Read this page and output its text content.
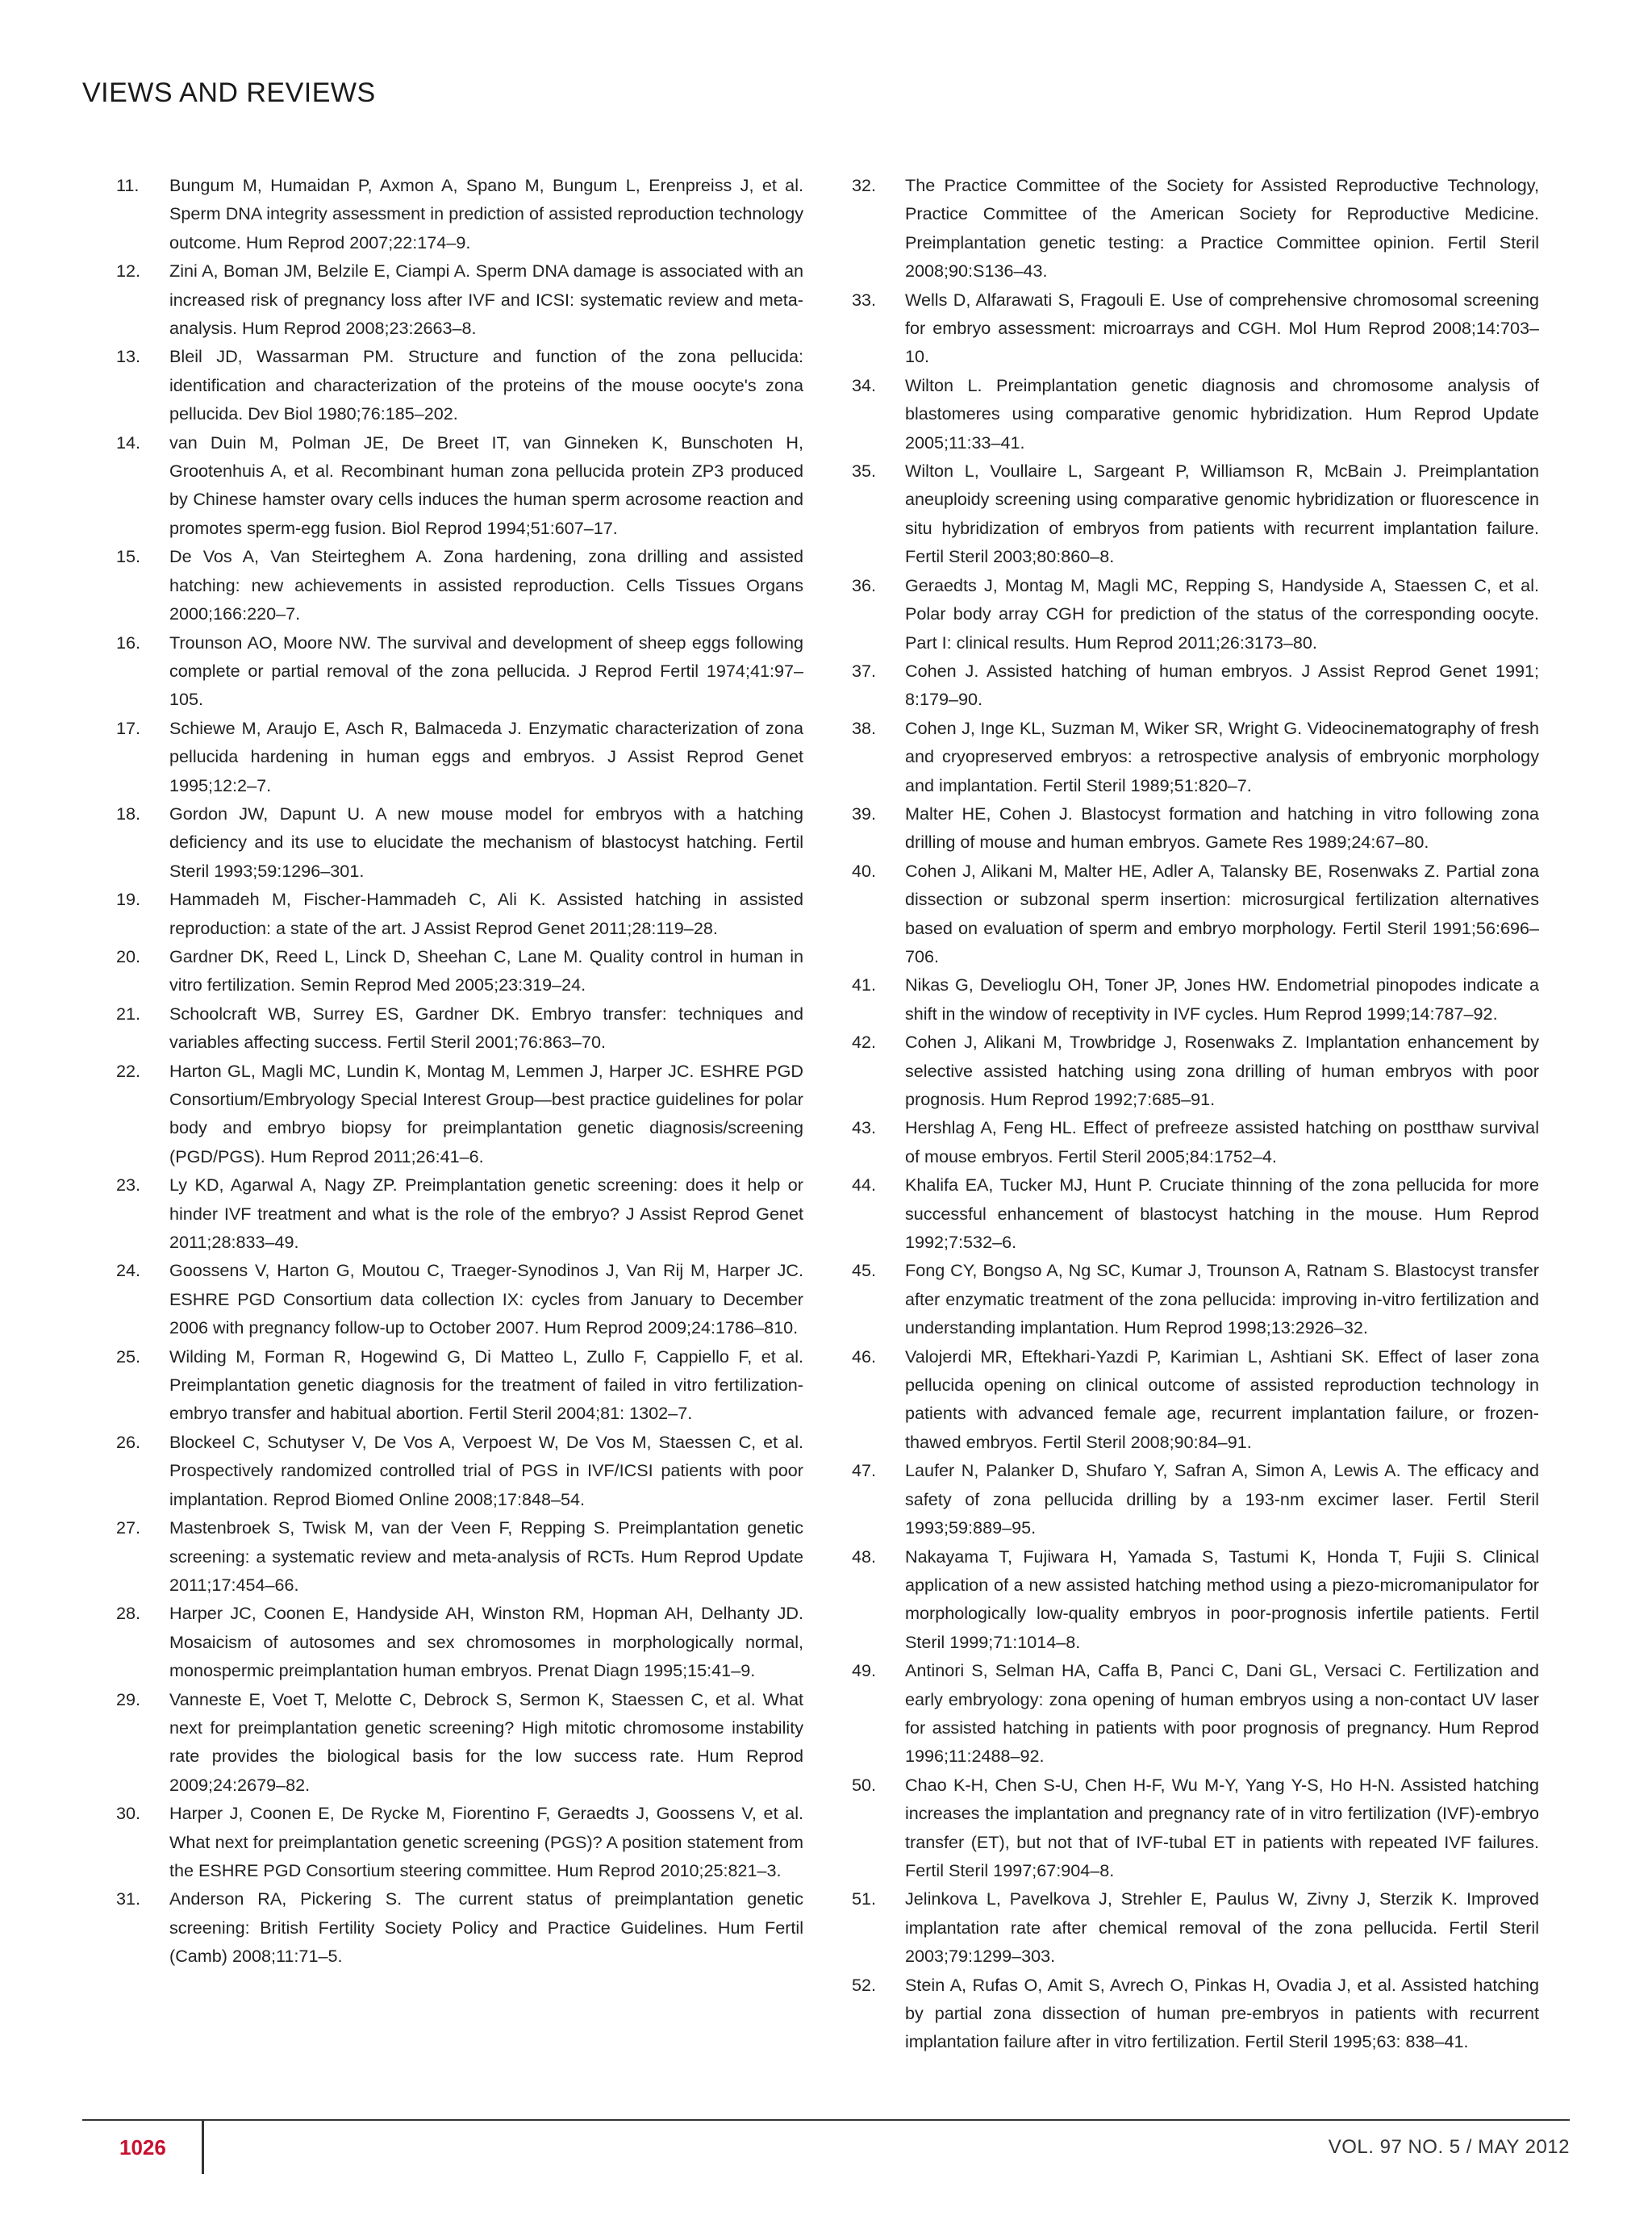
VIEWS AND REVIEWS
11.	Bungum M, Humaidan P, Axmon A, Spano M, Bungum L, Erenpreiss J, et al. Sperm DNA integrity assessment in prediction of assisted reproduction technology outcome. Hum Reprod 2007;22:174–9.
12.	Zini A, Boman JM, Belzile E, Ciampi A. Sperm DNA damage is associated with an increased risk of pregnancy loss after IVF and ICSI: systematic review and meta-analysis. Hum Reprod 2008;23:2663–8.
13.	Bleil JD, Wassarman PM. Structure and function of the zona pellucida: identification and characterization of the proteins of the mouse oocyte's zona pellucida. Dev Biol 1980;76:185–202.
14.	van Duin M, Polman JE, De Breet IT, van Ginneken K, Bunschoten H, Grootenhuis A, et al. Recombinant human zona pellucida protein ZP3 produced by Chinese hamster ovary cells induces the human sperm acrosome reaction and promotes sperm-egg fusion. Biol Reprod 1994;51:607–17.
15.	De Vos A, Van Steirteghem A. Zona hardening, zona drilling and assisted hatching: new achievements in assisted reproduction. Cells Tissues Organs 2000;166:220–7.
16.	Trounson AO, Moore NW. The survival and development of sheep eggs following complete or partial removal of the zona pellucida. J Reprod Fertil 1974;41:97–105.
17.	Schiewe M, Araujo E, Asch R, Balmaceda J. Enzymatic characterization of zona pellucida hardening in human eggs and embryos. J Assist Reprod Genet 1995;12:2–7.
18.	Gordon JW, Dapunt U. A new mouse model for embryos with a hatching deficiency and its use to elucidate the mechanism of blastocyst hatching. Fertil Steril 1993;59:1296–301.
19.	Hammadeh M, Fischer-Hammadeh C, Ali K. Assisted hatching in assisted reproduction: a state of the art. J Assist Reprod Genet 2011;28:119–28.
20.	Gardner DK, Reed L, Linck D, Sheehan C, Lane M. Quality control in human in vitro fertilization. Semin Reprod Med 2005;23:319–24.
21.	Schoolcraft WB, Surrey ES, Gardner DK. Embryo transfer: techniques and variables affecting success. Fertil Steril 2001;76:863–70.
22.	Harton GL, Magli MC, Lundin K, Montag M, Lemmen J, Harper JC. ESHRE PGD Consortium/Embryology Special Interest Group—best practice guidelines for polar body and embryo biopsy for preimplantation genetic diagnosis/screening (PGD/PGS). Hum Reprod 2011;26:41–6.
23.	Ly KD, Agarwal A, Nagy ZP. Preimplantation genetic screening: does it help or hinder IVF treatment and what is the role of the embryo? J Assist Reprod Genet 2011;28:833–49.
24.	Goossens V, Harton G, Moutou C, Traeger-Synodinos J, Van Rij M, Harper JC. ESHRE PGD Consortium data collection IX: cycles from January to December 2006 with pregnancy follow-up to October 2007. Hum Reprod 2009;24:1786–810.
25.	Wilding M, Forman R, Hogewind G, Di Matteo L, Zullo F, Cappiello F, et al. Preimplantation genetic diagnosis for the treatment of failed in vitro fertilization-embryo transfer and habitual abortion. Fertil Steril 2004;81: 1302–7.
26.	Blockeel C, Schutyser V, De Vos A, Verpoest W, De Vos M, Staessen C, et al. Prospectively randomized controlled trial of PGS in IVF/ICSI patients with poor implantation. Reprod Biomed Online 2008;17:848–54.
27.	Mastenbroek S, Twisk M, van der Veen F, Repping S. Preimplantation genetic screening: a systematic review and meta-analysis of RCTs. Hum Reprod Update 2011;17:454–66.
28.	Harper JC, Coonen E, Handyside AH, Winston RM, Hopman AH, Delhanty JD. Mosaicism of autosomes and sex chromosomes in morphologically normal, monospermic preimplantation human embryos. Prenat Diagn 1995;15:41–9.
29.	Vanneste E, Voet T, Melotte C, Debrock S, Sermon K, Staessen C, et al. What next for preimplantation genetic screening? High mitotic chromosome instability rate provides the biological basis for the low success rate. Hum Reprod 2009;24:2679–82.
30.	Harper J, Coonen E, De Rycke M, Fiorentino F, Geraedts J, Goossens V, et al. What next for preimplantation genetic screening (PGS)? A position statement from the ESHRE PGD Consortium steering committee. Hum Reprod 2010;25:821–3.
31.	Anderson RA, Pickering S. The current status of preimplantation genetic screening: British Fertility Society Policy and Practice Guidelines. Hum Fertil (Camb) 2008;11:71–5.
32.	The Practice Committee of the Society for Assisted Reproductive Technology, Practice Committee of the American Society for Reproductive Medicine. Preimplantation genetic testing: a Practice Committee opinion. Fertil Steril 2008;90:S136–43.
33.	Wells D, Alfarawati S, Fragouli E. Use of comprehensive chromosomal screening for embryo assessment: microarrays and CGH. Mol Hum Reprod 2008;14:703–10.
34.	Wilton L. Preimplantation genetic diagnosis and chromosome analysis of blastomeres using comparative genomic hybridization. Hum Reprod Update 2005;11:33–41.
35.	Wilton L, Voullaire L, Sargeant P, Williamson R, McBain J. Preimplantation aneuploidy screening using comparative genomic hybridization or fluorescence in situ hybridization of embryos from patients with recurrent implantation failure. Fertil Steril 2003;80:860–8.
36.	Geraedts J, Montag M, Magli MC, Repping S, Handyside A, Staessen C, et al. Polar body array CGH for prediction of the status of the corresponding oocyte. Part I: clinical results. Hum Reprod 2011;26:3173–80.
37.	Cohen J. Assisted hatching of human embryos. J Assist Reprod Genet 1991; 8:179–90.
38.	Cohen J, Inge KL, Suzman M, Wiker SR, Wright G. Videocinematography of fresh and cryopreserved embryos: a retrospective analysis of embryonic morphology and implantation. Fertil Steril 1989;51:820–7.
39.	Malter HE, Cohen J. Blastocyst formation and hatching in vitro following zona drilling of mouse and human embryos. Gamete Res 1989;24:67–80.
40.	Cohen J, Alikani M, Malter HE, Adler A, Talansky BE, Rosenwaks Z. Partial zona dissection or subzonal sperm insertion: microsurgical fertilization alternatives based on evaluation of sperm and embryo morphology. Fertil Steril 1991;56:696–706.
41.	Nikas G, Develioglu OH, Toner JP, Jones HW. Endometrial pinopodes indicate a shift in the window of receptivity in IVF cycles. Hum Reprod 1999;14:787–92.
42.	Cohen J, Alikani M, Trowbridge J, Rosenwaks Z. Implantation enhancement by selective assisted hatching using zona drilling of human embryos with poor prognosis. Hum Reprod 1992;7:685–91.
43.	Hershlag A, Feng HL. Effect of prefreeze assisted hatching on postthaw survival of mouse embryos. Fertil Steril 2005;84:1752–4.
44.	Khalifa EA, Tucker MJ, Hunt P. Cruciate thinning of the zona pellucida for more successful enhancement of blastocyst hatching in the mouse. Hum Reprod 1992;7:532–6.
45.	Fong CY, Bongso A, Ng SC, Kumar J, Trounson A, Ratnam S. Blastocyst transfer after enzymatic treatment of the zona pellucida: improving in-vitro fertilization and understanding implantation. Hum Reprod 1998;13:2926–32.
46.	Valojerdi MR, Eftekhari-Yazdi P, Karimian L, Ashtiani SK. Effect of laser zona pellucida opening on clinical outcome of assisted reproduction technology in patients with advanced female age, recurrent implantation failure, or frozen-thawed embryos. Fertil Steril 2008;90:84–91.
47.	Laufer N, Palanker D, Shufaro Y, Safran A, Simon A, Lewis A. The efficacy and safety of zona pellucida drilling by a 193-nm excimer laser. Fertil Steril 1993;59:889–95.
48.	Nakayama T, Fujiwara H, Yamada S, Tastumi K, Honda T, Fujii S. Clinical application of a new assisted hatching method using a piezo-micromanipulator for morphologically low-quality embryos in poor-prognosis infertile patients. Fertil Steril 1999;71:1014–8.
49.	Antinori S, Selman HA, Caffa B, Panci C, Dani GL, Versaci C. Fertilization and early embryology: zona opening of human embryos using a non-contact UV laser for assisted hatching in patients with poor prognosis of pregnancy. Hum Reprod 1996;11:2488–92.
50.	Chao K-H, Chen S-U, Chen H-F, Wu M-Y, Yang Y-S, Ho H-N. Assisted hatching increases the implantation and pregnancy rate of in vitro fertilization (IVF)-embryo transfer (ET), but not that of IVF-tubal ET in patients with repeated IVF failures. Fertil Steril 1997;67:904–8.
51.	Jelinkova L, Pavelkova J, Strehler E, Paulus W, Zivny J, Sterzik K. Improved implantation rate after chemical removal of the zona pellucida. Fertil Steril 2003;79:1299–303.
52.	Stein A, Rufas O, Amit S, Avrech O, Pinkas H, Ovadia J, et al. Assisted hatching by partial zona dissection of human pre-embryos in patients with recurrent implantation failure after in vitro fertilization. Fertil Steril 1995;63: 838–41.
1026	VOL. 97 NO. 5 / MAY 2012
